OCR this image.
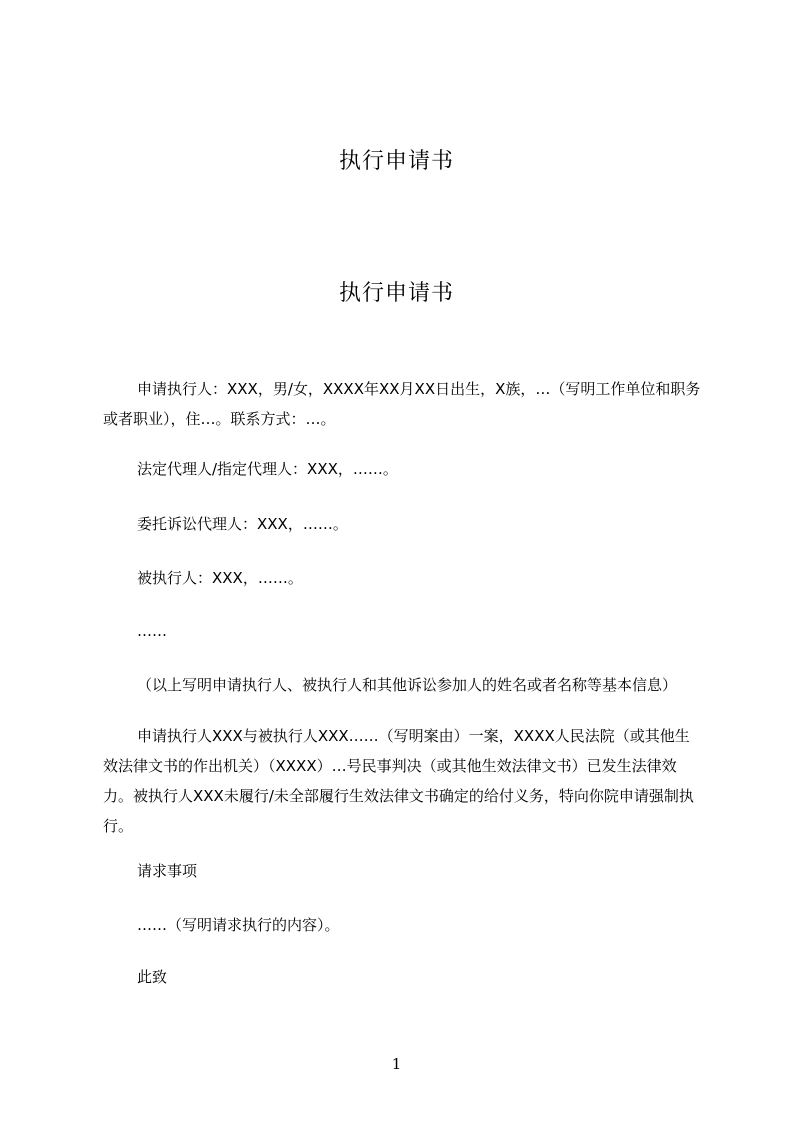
执行申请书
执行申请书
申请执行人：XXX，男/女，XXXX年XX月XX日出生，X族，…（写明工作单位和职务或者职业），住…。联系方式：…。
法定代理人/指定代理人：XXX，……。
委托诉讼代理人：XXX，……。
被执行人：XXX，……。
……
（以上写明申请执行人、被执行人和其他诉讼参加人的姓名或者名称等基本信息）
申请执行人XXX与被执行人XXX……（写明案由）一案，XXXX人民法院（或其他生效法律文书的作出机关）（XXXX）…号民事判决（或其他生效法律文书）已发生法律效力。被执行人XXX未履行/未全部履行生效法律文书确定的给付义务，特向你院申请强制执行。
请求事项
……（写明请求执行的内容）。
此致
1
